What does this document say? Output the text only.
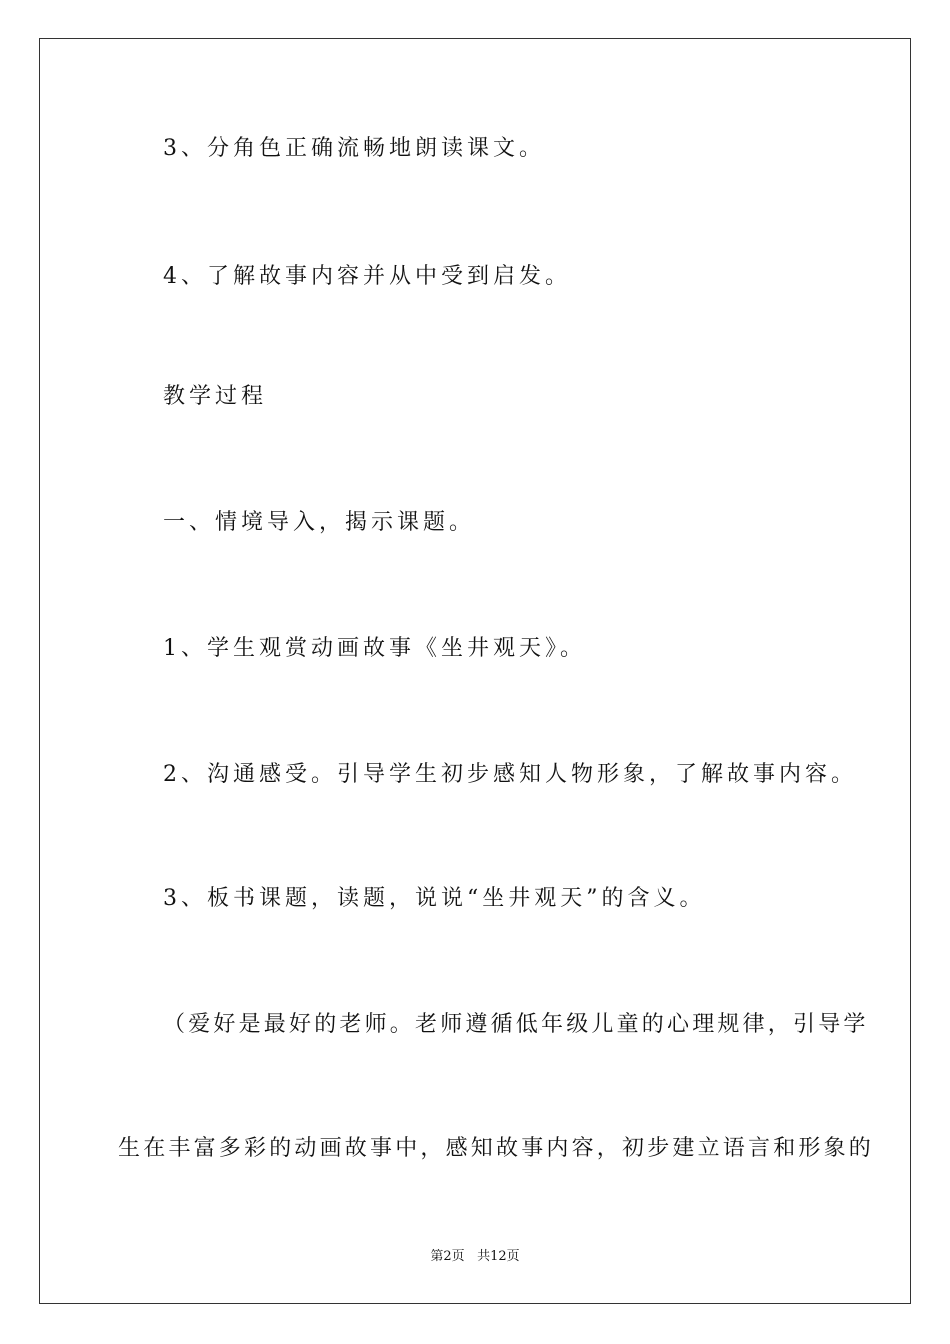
3、分角色正确流畅地朗读课文。
4、了解故事内容并从中受到启发。
教学过程
一、情境导入，揭示课题。
1、学生观赏动画故事《坐井观天》。
2、沟通感受。引导学生初步感知人物形象，了解故事内容。
3、板书课题，读题，说说“坐井观天”的含义。
（爱好是最好的老师。老师遵循低年级儿童的心理规律，引导学
生在丰富多彩的动画故事中，感知故事内容，初步建立语言和形象的
第2页 共12页
